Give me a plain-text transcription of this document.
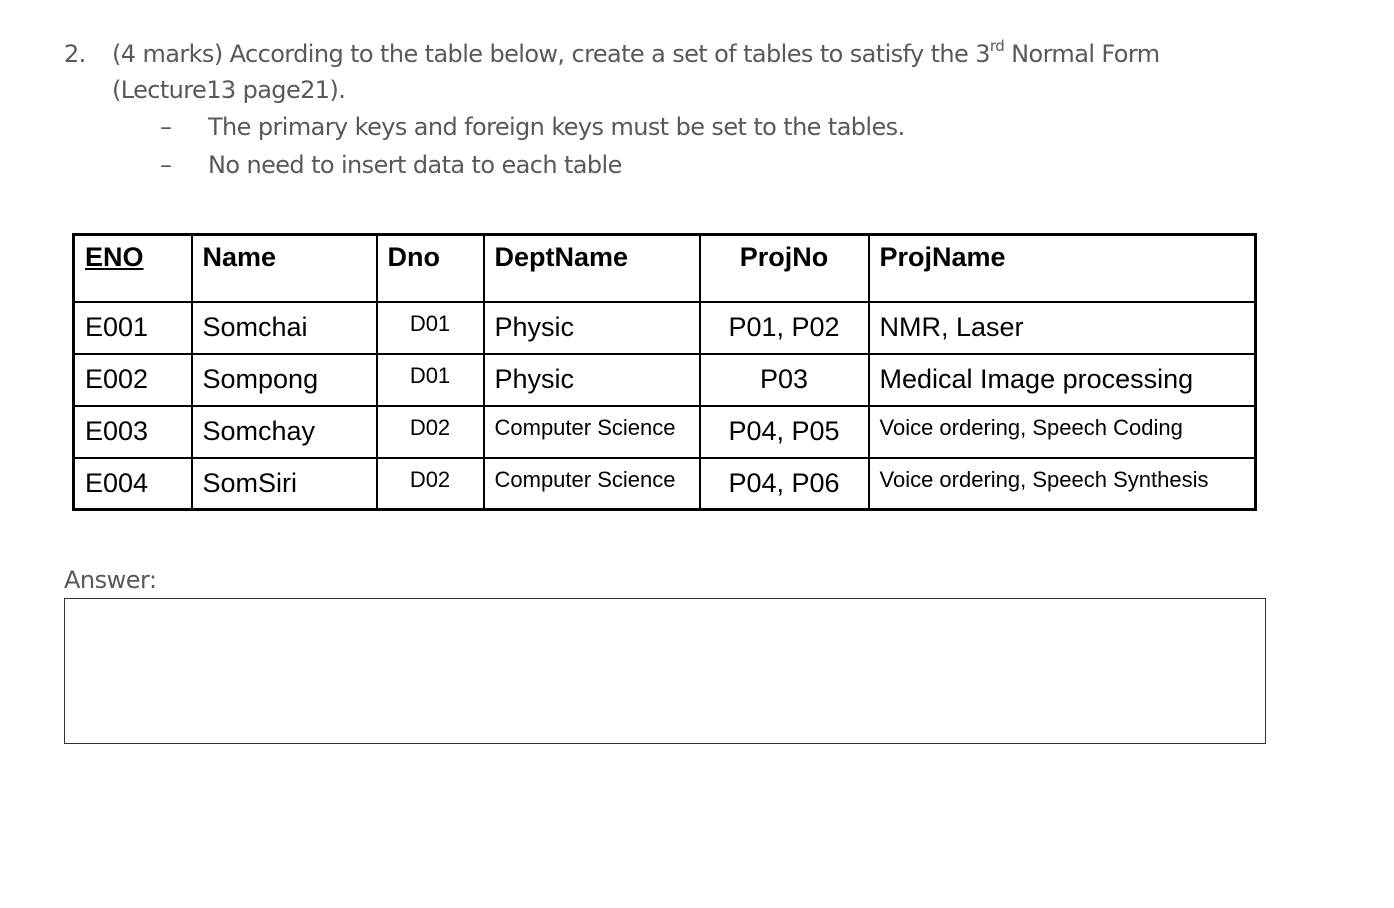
2.	(4 marks) According to the table below, create a set of tables to satisfy the 3rd Normal Form
(Lecture13 page21).
–	The primary keys and foreign keys must be set to the tables.
–	No need to insert data to each table
ENO	Name	Dno	DeptName	ProjNo	ProjName
E001	Somchai	D01	Physic	P01, P02	NMR, Laser
E002	Sompong	D01	Physic	P03	Medical Image processing
E003	Somchay	D02	Computer Science	P04, P05	Voice ordering, Speech Coding
E004	SomSiri	D02	Computer Science	P04, P06	Voice ordering, Speech Synthesis
Answer:
